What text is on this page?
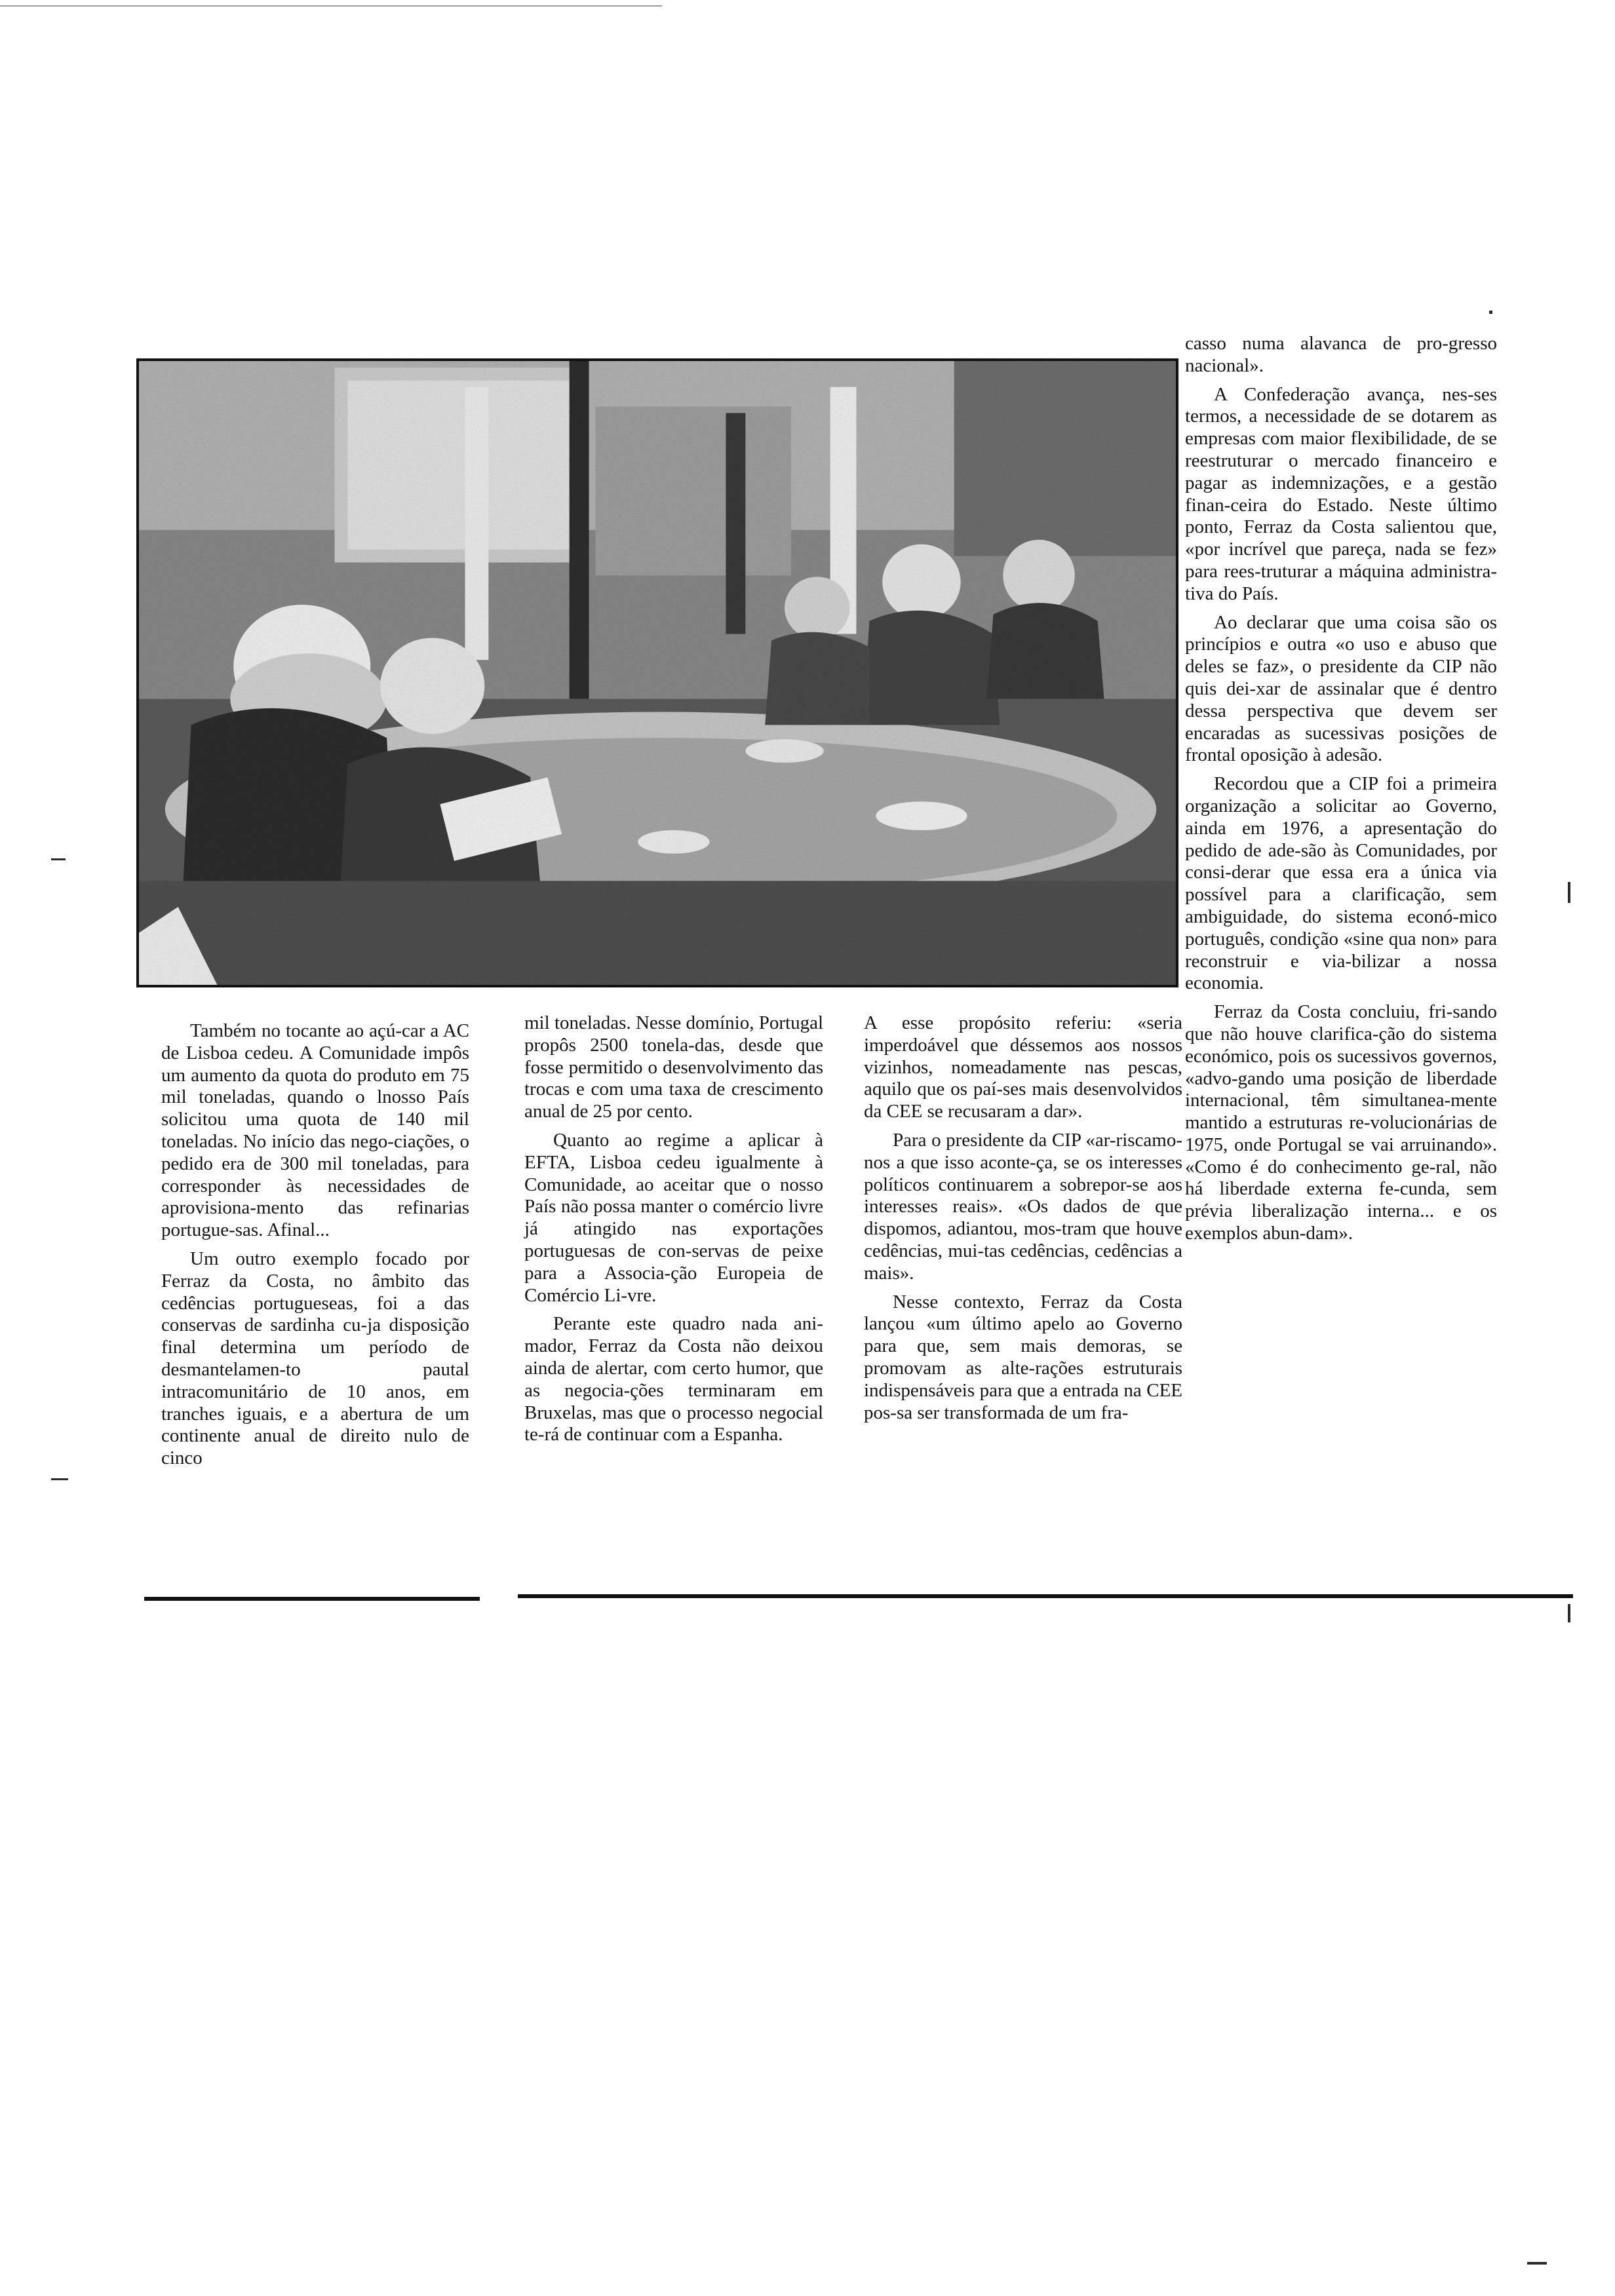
Também no tocante ao açú-car a AC de Lisboa cedeu. A Comunidade impôs um aumento da quota do produto em 75 mil toneladas, quando o lnosso País solicitou uma quota de 140 mil toneladas. No início das nego-ciações, o pedido era de 300 mil toneladas, para corresponder às necessidades de aprovisiona-mento das refinarias portugue-sas. Afinal...

Um outro exemplo focado por Ferraz da Costa, no âmbito das cedências portugueseas, foi a das conservas de sardinha cu-ja disposição final determina um período de desmantelamen-to pautal intracomunitário de 10 anos, em tranches iguais, e a abertura de um continente anual de direito nulo de cinco

mil toneladas. Nesse domínio, Portugal propôs 2500 tonela-das, desde que fosse permitido o desenvolvimento das trocas e com uma taxa de crescimento anual de 25 por cento.

Quanto ao regime a aplicar à EFTA, Lisboa cedeu igualmente à Comunidade, ao aceitar que o nosso País não possa manter o comércio livre já atingido nas exportações portuguesas de con-servas de peixe para a Associa-ção Europeia de Comércio Li-vre.

Perante este quadro nada ani-mador, Ferraz da Costa não deixou ainda de alertar, com certo humor, que as negocia-ções terminaram em Bruxelas, mas que o processo negocial te-rá de continuar com a Espanha.

A esse propósito referiu: «seria imperdoável que déssemos aos nossos vizinhos, nomeadamente nas pescas, aquilo que os paí-ses mais desenvolvidos da CEE se recusaram a dar».

Para o presidente da CIP «ar-riscamo-nos a que isso aconte-ça, se os interesses políticos continuarem a sobrepor-se aos interesses reais». «Os dados de que dispomos, adiantou, mos-tram que houve cedências, mui-tas cedências, cedências a mais».

Nesse contexto, Ferraz da Costa lançou «um último apelo ao Governo para que, sem mais demoras, se promovam as alte-rações estruturais indispensáveis para que a entrada na CEE pos-sa ser transformada de um fra-

casso numa alavanca de pro-gresso nacional».

A Confederação avança, nes-ses termos, a necessidade de se dotarem as empresas com maior flexibilidade, de se reestruturar o mercado financeiro e pagar as indemnizações, e a gestão finan-ceira do Estado. Neste último ponto, Ferraz da Costa salientou que, «por incrível que pareça, nada se fez» para rees-truturar a máquina administra-tiva do País.

Ao declarar que uma coisa são os princípios e outra «o uso e abuso que deles se faz», o presidente da CIP não quis dei-xar de assinalar que é dentro dessa perspectiva que devem ser encaradas as sucessivas posições de frontal oposição à adesão.

Recordou que a CIP foi a primeira organização a solicitar ao Governo, ainda em 1976, a apresentação do pedido de ade-são às Comunidades, por consi-derar que essa era a única via possível para a clarificação, sem ambiguidade, do sistema econó-mico português, condição «sine qua non» para reconstruir e via-bilizar a nossa economia.

Ferraz da Costa concluiu, fri-sando que não houve clarifica-ção do sistema económico, pois os sucessivos governos, «advo-gando uma posição de liberdade internacional, têm simultanea-mente mantido a estruturas re-volucionárias de 1975, onde Portugal se vai arruinando». «Como é do conhecimento ge-ral, não há liberdade externa fe-cunda, sem prévia liberalização interna... e os exemplos abun-dam».
